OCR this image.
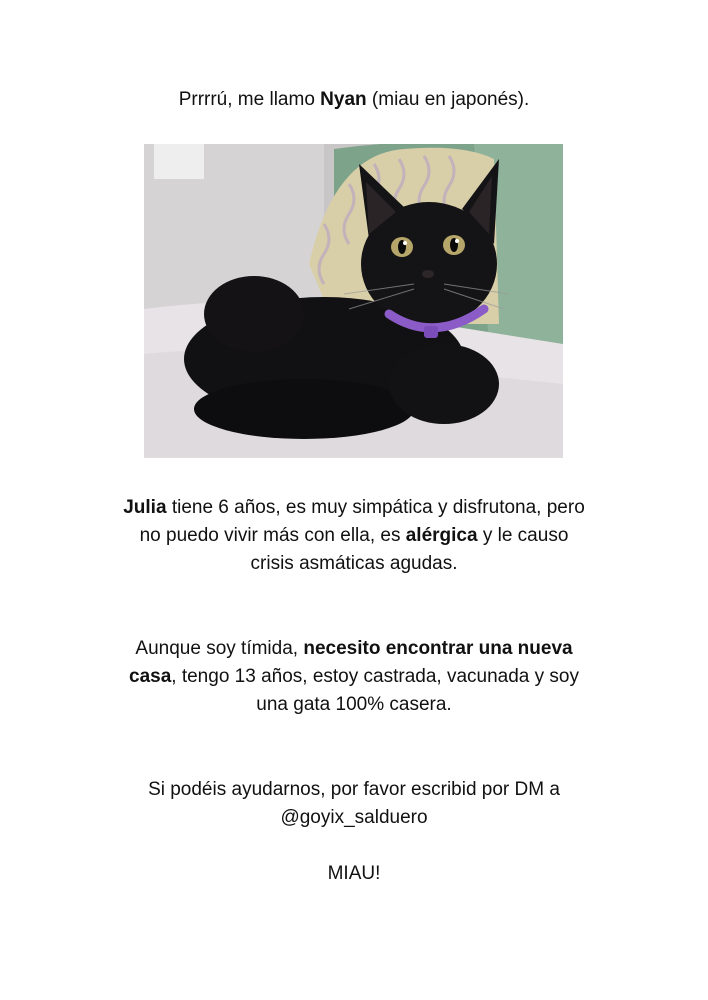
Prrrrú, me llamo Nyan (miau en japonés).
Julia tiene 6 años, es muy simpática y disfrutona, pero
no puedo vivir más con ella, es alérgica y le causo
crisis asmáticas agudas.
Aunque soy tímida, necesito encontrar una nueva
casa, tengo 13 años, estoy castrada, vacunada y soy
una gata 100% casera.
Si podéis ayudarnos, por favor escribid por DM a
@goyix_salduero
MIAU!
